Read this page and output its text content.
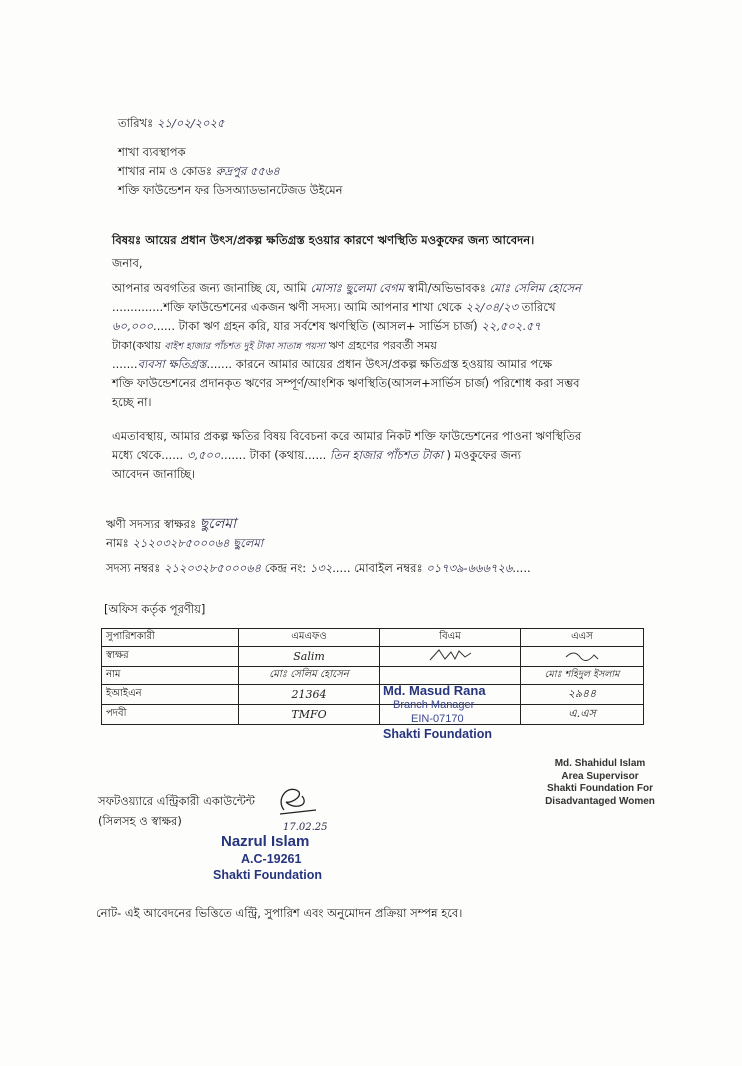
তারিখঃ ২১/০২/২০২৫
শাখা ব্যবস্থাপক
শাখার নাম ও কোডঃ রুদ্রপুর ৫৫৬৪
শক্তি ফাউন্ডেশন ফর ডিসঅ্যাডভানটেজড উইমেন
বিষয়ঃ আয়ের প্রধান উৎস/প্রকল্প ক্ষতিগ্রস্ত হওয়ার কারণে ঋণস্থিতি মওকুফের জন্য আবেদন।
জনাব,
আপনার অবগতির জন্য জানাচ্ছি যে, আমি মোসাঃ ছুলেমা বেগম স্বামী/অভিভাবকঃ মোঃ সেলিম হোসেন
..............শক্তি ফাউন্ডেশনের একজন ঋণী সদস্য। আমি আপনার শাখা থেকে ২২/০৪/২৩ তারিখে
৬০,০০০...... টাকা ঋণ গ্রহন করি, যার সর্বশেষ ঋণস্থিতি (আসল+ সার্ভিস চার্জ) ২২,৫০২.৫৭
টাকা(কথায় বাইশ হাজার পাঁচশত দুই টাকা সাতান্ন পয়সা ঋণ গ্রহণের পরবর্তী সময়
.......ব্যবসা ক্ষতিগ্রস্ত....... কারনে আমার আয়ের প্রধান উৎস/প্রকল্প ক্ষতিগ্রস্ত হওয়ায় আমার পক্ষে
শক্তি ফাউন্ডেশনের প্রদানকৃত ঋণের সম্পূর্ণ/আংশিক ঋণস্থিতি(আসল+সার্ভিস চার্জ) পরিশোধ করা সম্ভব
হচ্ছে না।
এমতাবস্থায়, আমার প্রকল্প ক্ষতির বিষয় বিবেচনা করে আমার নিকট শক্তি ফাউন্ডেশনের পাওনা ঋণস্থিতির
মধ্যে থেকে...... ৩,৫০০....... টাকা (কথায়...... তিন হাজার পাঁচশত টাকা ) মওকুফের জন্য
আবেদন জানাচ্ছি।
ঋণী সদস্যর স্বাক্ষরঃ ছুলেমা
নামঃ ২১২০৩২৮৫০০০৬৪ ছুলেমা
সদস্য নম্বরঃ ২১২০৩২৮৫০০০৬৪ কেন্দ্র নং: ১৩২..... মোবাইল নম্বরঃ ০১৭৩৯-৬৬৬৭২৬.....
[অফিস কর্তৃক পূরণীয়]
সুপারিশকারী	এমএফও	বিএম	এএস
স্বাক্ষর	Salim		
নাম	মোঃ সেলিম হোসেন		মোঃ শহিদুল ইসলাম
ইআইএন	21364		২৯৪৪
পদবী	TMFO		এ.এস
Md. Masud Rana
Branch Manager
EIN-07170
Shakti Foundation
Md. Shahidul Islam
Area Supervisor
Shakti Foundation For
Disadvantaged Women
সফটওয়্যারে এন্ট্রিকারী একাউন্টেন্ট
(সিলসহ ও স্বাক্ষর)	17.02.25
Nazrul Islam
A.C-19261
Shakti Foundation
নোট- এই আবেদনের ভিত্তিতে এন্ট্রি, সুপারিশ এবং অনুমোদন প্রক্রিয়া সম্পন্ন হবে।
